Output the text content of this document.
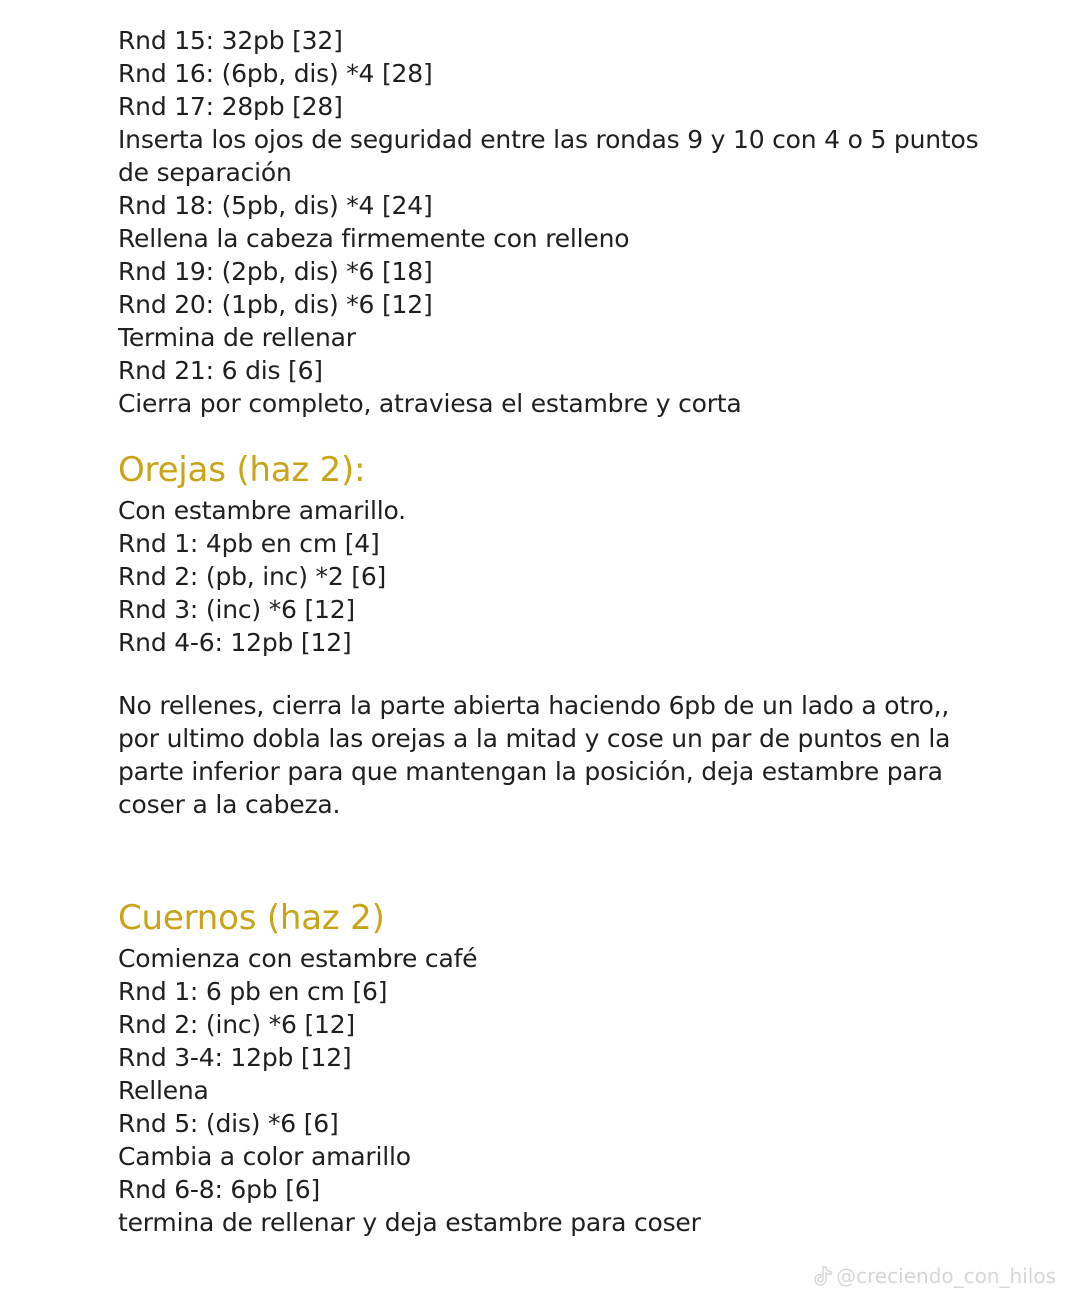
Rnd 15: 32pb [32]
Rnd 16: (6pb, dis) *4 [28]
Rnd 17: 28pb [28]
Inserta los ojos de seguridad entre las rondas 9 y 10 con 4 o 5 puntos
de separación
Rnd 18: (5pb, dis) *4 [24]
Rellena la cabeza firmemente con relleno
Rnd 19: (2pb, dis) *6 [18]
Rnd 20: (1pb, dis) *6 [12]
Termina de rellenar
Rnd 21: 6 dis [6]
Cierra por completo, atraviesa el estambre y corta
Orejas (haz 2):
Con estambre amarillo.
Rnd 1: 4pb en cm [4]
Rnd 2: (pb, inc) *2 [6]
Rnd 3: (inc) *6 [12]
Rnd 4-6: 12pb [12]
No rellenes, cierra la parte abierta haciendo 6pb de un lado a otro,,
por ultimo dobla las orejas a la mitad y cose un par de puntos en la
parte inferior para que mantengan la posición, deja estambre para
coser a la cabeza.
Cuernos (haz 2)
Comienza con estambre café
Rnd 1: 6 pb en cm [6]
Rnd 2: (inc) *6 [12]
Rnd 3-4: 12pb [12]
Rellena
Rnd 5: (dis) *6 [6]
Cambia a color amarillo
Rnd 6-8: 6pb [6]
termina de rellenar y deja estambre para coser
@creciendo_con_hilos
